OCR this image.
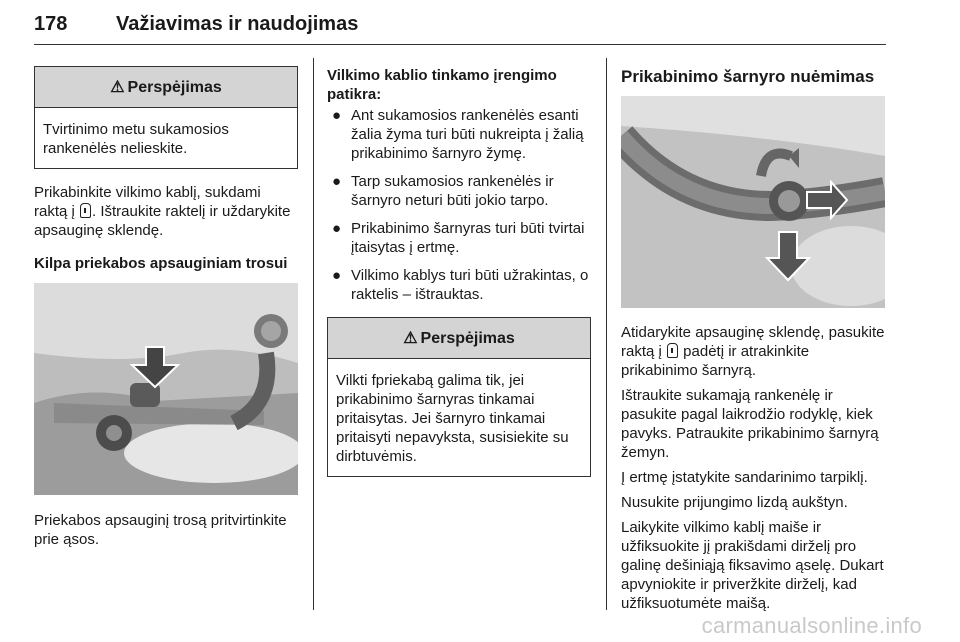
178 Važiavimas ir naudojimas
⚠ Perspėjimas
Tvirtinimo metu sukamosios rankenėlės nelieskite.

Prikabinkite vilkimo kablį, sukdami raktą į . Ištraukite raktelį ir uždarykite apsauginę sklendę.

Kilpa priekabos apsauginiam trosui

Priekabos apsauginį trosą pritvirtinkite prie ąsos.

Vilkimo kablio tinkamo įrengimo patikra:

● Ant sukamosios rankenėlės esanti žalia žyma turi būti nukreipta į žalią prikabinimo šarnyro žymę.
● Tarp sukamosios rankenėlės ir šarnyro neturi būti jokio tarpo.
● Prikabinimo šarnyras turi būti tvirtai įtaisytas į ertmę.
● Vilkimo kablys turi būti užrakintas, o raktelis – ištrauktas.
⚠ Perspėjimas
Vilkti fpriekabą galima tik, jei prikabinimo šarnyras tinkamai pritaisytas. Jei šarnyro tinkamai pritaisyti nepavyksta, susisiekite su dirbtuvėmis.

Prikabinimo šarnyro nuėmimas

Atidarykite apsauginę sklendę, pasukite raktą į  padėtį ir atrakinkite prikabinimo šarnyrą.

Ištraukite sukamąją rankenėlę ir pasukite pagal laikrodžio rodyklę, kiek pavyks. Patraukite prikabinimo šarnyrą žemyn.

Į ertmę įstatykite sandarinimo tarpiklį.

Nusukite prijungimo lizdą aukštyn.

Laikykite vilkimo kablį maiše ir užfiksuokite jį prakišdami dirželį pro galinę dešiniąją fiksavimo ąselę. Dukart apvyniokite ir priveržkite dirželį, kad užfiksuotumėte maišą.

carmanualsonline.info
